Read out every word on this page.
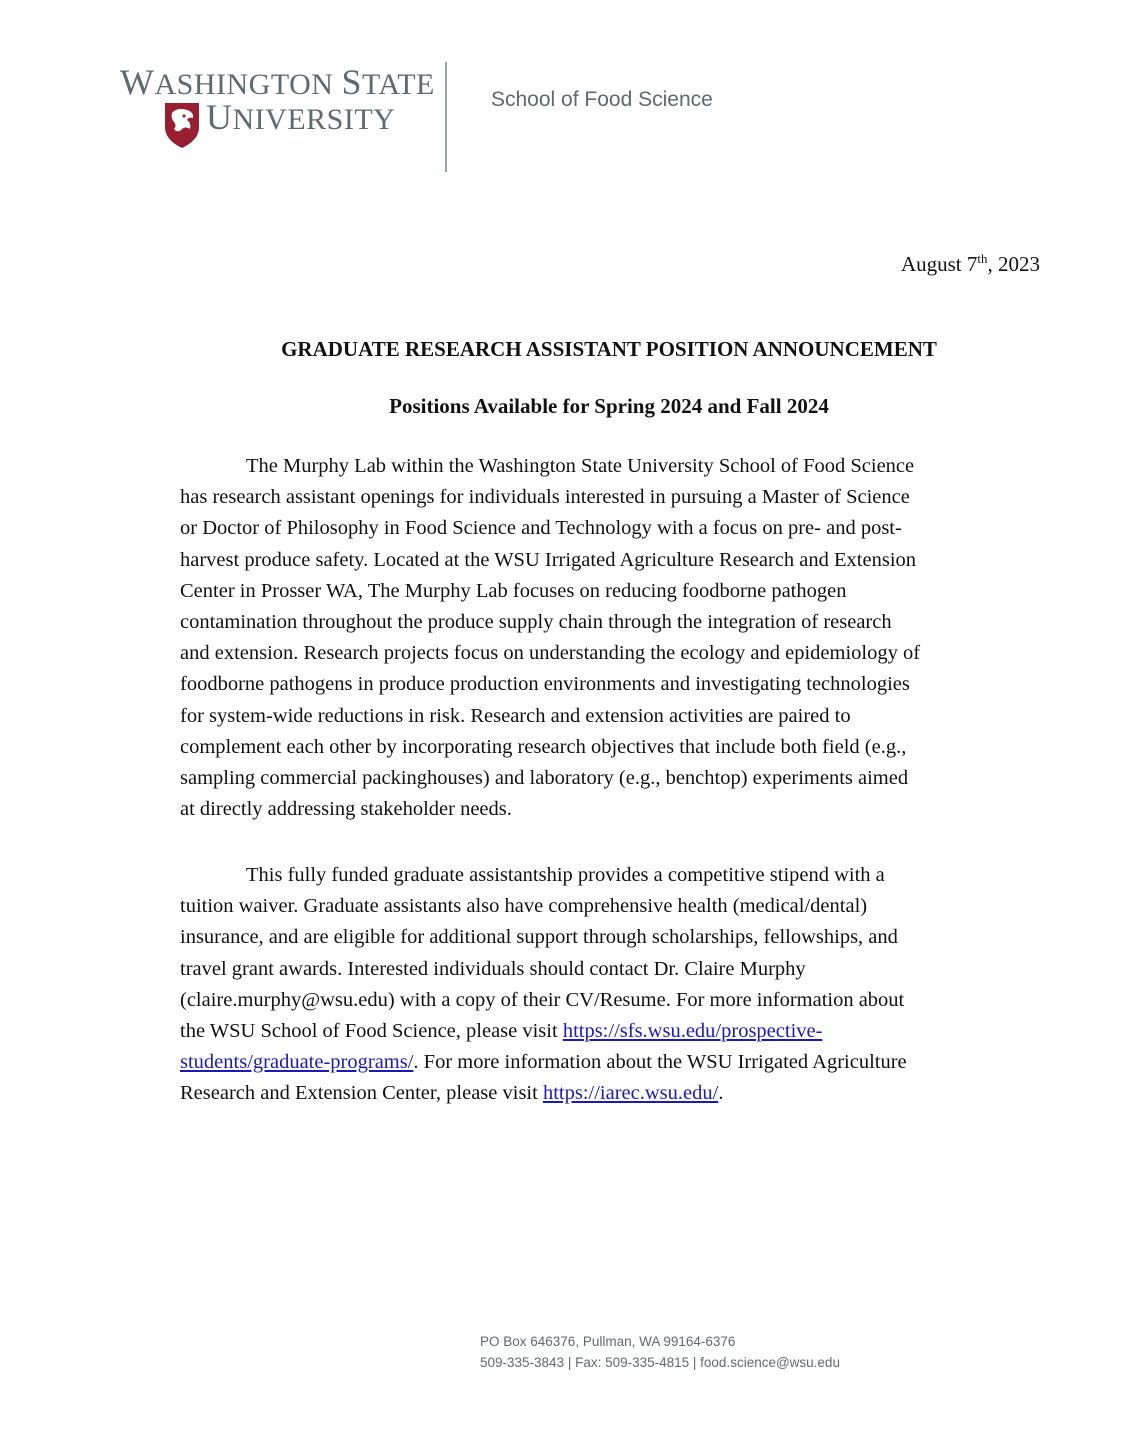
WASHINGTON STATE
UNIVERSITY
School of Food Science
August 7th, 2023
GRADUATE RESEARCH ASSISTANT POSITION ANNOUNCEMENT
Positions Available for Spring 2024 and Fall 2024
The Murphy Lab within the Washington State University School of Food Science
has research assistant openings for individuals interested in pursuing a Master of Science
or Doctor of Philosophy in Food Science and Technology with a focus on pre- and post-
harvest produce safety. Located at the WSU Irrigated Agriculture Research and Extension
Center in Prosser WA, The Murphy Lab focuses on reducing foodborne pathogen
contamination throughout the produce supply chain through the integration of research
and extension. Research projects focus on understanding the ecology and epidemiology of
foodborne pathogens in produce production environments and investigating technologies
for system-wide reductions in risk. Research and extension activities are paired to
complement each other by incorporating research objectives that include both field (e.g.,
sampling commercial packinghouses) and laboratory (e.g., benchtop) experiments aimed
at directly addressing stakeholder needs.
This fully funded graduate assistantship provides a competitive stipend with a
tuition waiver. Graduate assistants also have comprehensive health (medical/dental)
insurance, and are eligible for additional support through scholarships, fellowships, and
travel grant awards. Interested individuals should contact Dr. Claire Murphy
(claire.murphy@wsu.edu) with a copy of their CV/Resume. For more information about
the WSU School of Food Science, please visit https://sfs.wsu.edu/prospective-
students/graduate-programs/. For more information about the WSU Irrigated Agriculture
Research and Extension Center, please visit https://iarec.wsu.edu/.
PO Box 646376, Pullman, WA 99164-6376
509-335-3843 | Fax: 509-335-4815 | food.science@wsu.edu
